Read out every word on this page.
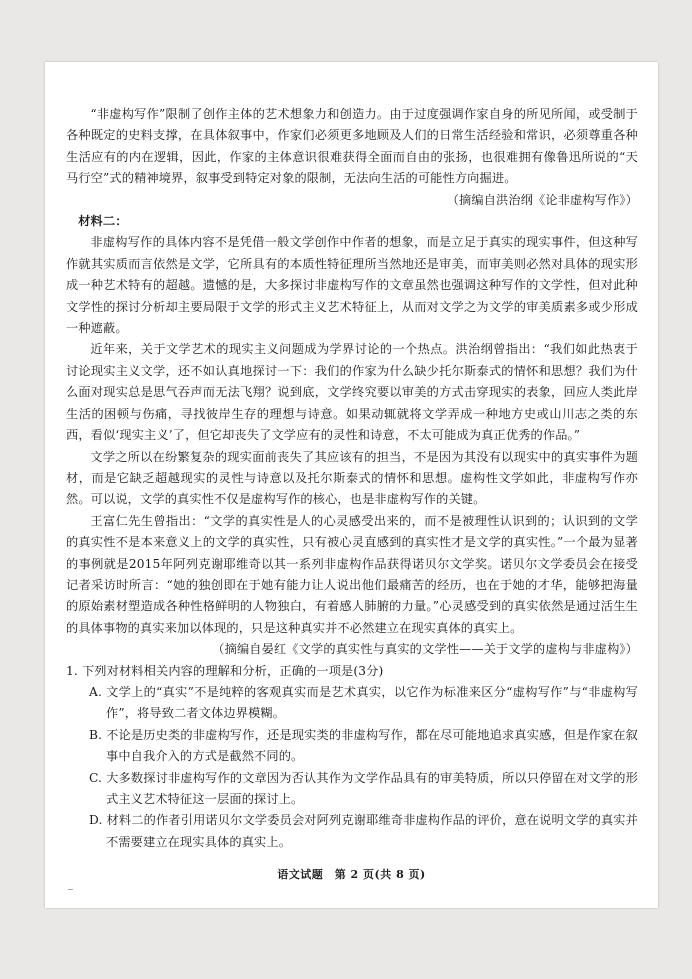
“非虚构写作”限制了创作主体的艺术想象力和创造力。由于过度强调作家自身的所见所闻，或受制于各种既定的史料支撑，在具体叙事中，作家们必须更多地顾及人们的日常生活经验和常识，必须尊重各种生活应有的内在逻辑，因此，作家的主体意识很难获得全面而自由的张扬，也很难拥有像鲁迅所说的“天马行空”式的精神境界，叙事受到特定对象的限制，无法向生活的可能性方向掘进。

（摘编自洪治纲《论非虚构写作》）

材料二：

非虚构写作的具体内容不是凭借一般文学创作中作者的想象，而是立足于真实的现实事件，但这种写作就其实质而言依然是文学，它所具有的本质性特征理所当然地还是审美，而审美则必然对具体的现实形成一种艺术特有的超越。遗憾的是，大多探讨非虚构写作的文章虽然也强调这种写作的文学性，但对此种文学性的探讨分析却主要局限于文学的形式主义艺术特征上，从而对文学之为文学的审美质素多或少形成一种遮蔽。

近年来，关于文学艺术的现实主义问题成为学界讨论的一个热点。洪治纲曾指出：“我们如此热衷于讨论现实主义文学，还不如认真地探讨一下：我们的作家为什么缺少托尔斯泰式的情怀和思想？我们为什么面对现实总是思气吞声而无法飞翔？说到底，文学终究要以审美的方式击穿现实的表象，回应人类此岸生活的困顿与伤痛，寻找彼岸生存的理想与诗意。如果动辄就将文学弄成一种地方史或山川志之类的东西，看似‘现实主义’了，但它却丧失了文学应有的灵性和诗意，不太可能成为真正优秀的作品。”

文学之所以在纷繁复杂的现实面前丧失了其应该有的担当，不是因为其没有以现实中的真实事件为题材，而是它缺乏超越现实的灵性与诗意以及托尔斯泰式的情怀和思想。虚构性文学如此，非虚构写作亦然。可以说，文学的真实性不仅是虚构写作的核心，也是非虚构写作的关键。

王富仁先生曾指出：“文学的真实性是人的心灵感受出来的，而不是被理性认识到的；认识到的文学的真实性不是本来意义上的文学的真实性，只有被心灵直感到的真实性才是文学的真实性。”一个最为显著的事例就是2015年阿列克谢耶维奇以其一系列非虚构作品获得诺贝尔文学奖。诺贝尔文学委员会在接受记者采访时所言：“她的独创即在于她有能力让人说出他们最痛苦的经历，也在于她的才华，能够把海量的原始素材塑造成各种性格鲜明的人物独白，有着感人肺腑的力量。”心灵感受到的真实依然是通过活生生的具体事物的真实来加以体现的，只是这种真实并不必然建立在现实真体的真实上。

（摘编自晏红《文学的真实性与真实的文学性——关于文学的虚构与非虚构》）

1. 下列对材料相关内容的理解和分析，正确的一项是(3分)

A. 文学上的“真实”不是纯粹的客观真实而是艺术真实，以它作为标准来区分“虚构写作”与“非虚构写作”，将导致二者文体边界模糊。

B. 不论是历史类的非虚构写作，还是现实类的非虚构写作，都在尽可能地追求真实感，但是作家在叙事中自我介入的方式是截然不同的。

C. 大多数探讨非虚构写作的文章因为否认其作为文学作品具有的审美特质，所以只停留在对文学的形式主义艺术特征这一层面的探讨上。

D. 材料二的作者引用诺贝尔文学委员会对阿列克谢耶维奇非虚构作品的评价，意在说明文学的真实并不需要建立在现实具体的真实上。

语文试题　第 2 页(共 8 页)
~
